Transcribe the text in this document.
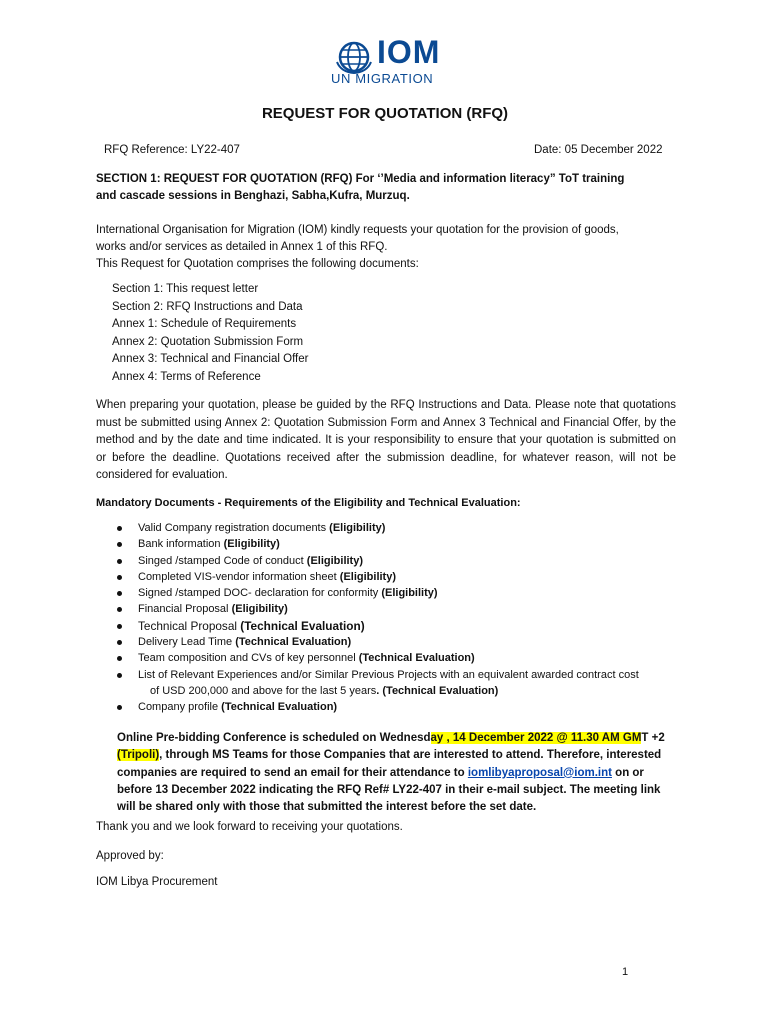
IOM
UN MIGRATION
REQUEST FOR QUOTATION (RFQ)
RFQ Reference: LY22-407	Date: 05 December 2022
SECTION 1: REQUEST FOR QUOTATION (RFQ) For ‘’Media and information literacy” ToT training
and cascade sessions in Benghazi, Sabha,Kufra, Murzuq.
International Organisation for Migration (IOM) kindly requests your quotation for the provision of goods,
works and/or services as detailed in Annex 1 of this RFQ.
This Request for Quotation comprises the following documents:
Section 1: This request letter
Section 2: RFQ Instructions and Data
Annex 1: Schedule of Requirements
Annex 2: Quotation Submission Form
Annex 3: Technical and Financial Offer
Annex 4: Terms of Reference
When preparing your quotation, please be guided by the RFQ Instructions and Data. Please note that quotations must be submitted using Annex 2: Quotation Submission Form and Annex 3 Technical and Financial Offer, by the method and by the date and time indicated. It is your responsibility to ensure that your quotation is submitted on or before the deadline. Quotations received after the submission deadline, for whatever reason, will not be considered for evaluation.
Mandatory Documents - Requirements of the Eligibility and Technical Evaluation:
Valid Company registration documents (Eligibility)
Bank information (Eligibility)
Singed /stamped Code of conduct (Eligibility)
Completed VIS-vendor information sheet (Eligibility)
Signed /stamped DOC- declaration for conformity (Eligibility)
Financial Proposal (Eligibility)
Technical Proposal (Technical Evaluation)
Delivery Lead Time (Technical Evaluation)
Team composition and CVs of key personnel (Technical Evaluation)
List of Relevant Experiences and/or Similar Previous Projects with an equivalent awarded contract cost
of USD 200,000 and above for the last 5 years. (Technical Evaluation)
Company profile (Technical Evaluation)
Online Pre-bidding Conference is scheduled on Wednesday , 14 December 2022 @ 11.30 AM GMT +2 (Tripoli), through MS Teams for those Companies that are interested to attend. Therefore, interested companies are required to send an email for their attendance to iomlibyaproposal@iom.int on or before 13 December 2022 indicating the RFQ Ref# LY22-407 in their e-mail subject. The meeting link will be shared only with those that submitted the interest before the set date.
Thank you and we look forward to receiving your quotations.
Approved by:
IOM Libya Procurement
1
